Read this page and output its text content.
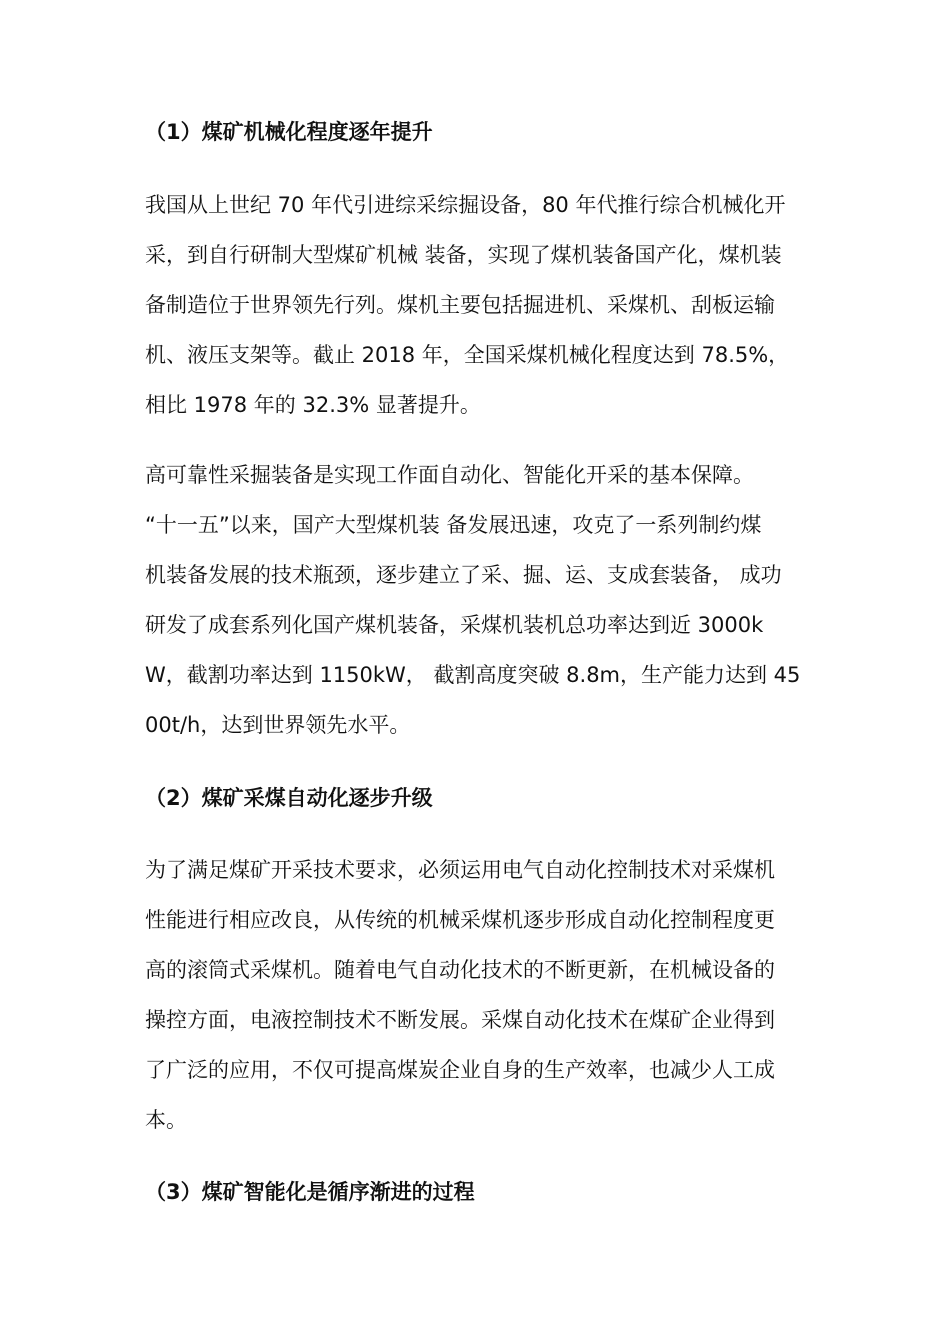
（1）煤矿机械化程度逐年提升
我国从上世纪 70 年代引进综采综掘设备，80 年代推行综合机械化开
采，到自行研制大型煤矿机械 装备，实现了煤机装备国产化，煤机装
备制造位于世界领先行列。煤机主要包括掘进机、采煤机、刮板运输
机、液压支架等。截止 2018 年，全国采煤机械化程度达到 78.5%，
相比 1978 年的 32.3% 显著提升。
高可靠性采掘装备是实现工作面自动化、智能化开采的基本保障。
“十一五”以来，国产大型煤机装 备发展迅速，攻克了一系列制约煤
机装备发展的技术瓶颈，逐步建立了采、掘、运、支成套装备， 成功
研发了成套系列化国产煤机装备，采煤机装机总功率达到近 3000k
W，截割功率达到 1150kW， 截割高度突破 8.8m，生产能力达到 45
00t/h，达到世界领先水平。
（2）煤矿采煤自动化逐步升级
为了满足煤矿开采技术要求，必须运用电气自动化控制技术对采煤机
性能进行相应改良，从传统的机械采煤机逐步形成自动化控制程度更
高的滚筒式采煤机。随着电气自动化技术的不断更新，在机械设备的
操控方面，电液控制技术不断发展。采煤自动化技术在煤矿企业得到
了广泛的应用，不仅可提高煤炭企业自身的生产效率，也减少人工成
本。
（3）煤矿智能化是循序渐进的过程
